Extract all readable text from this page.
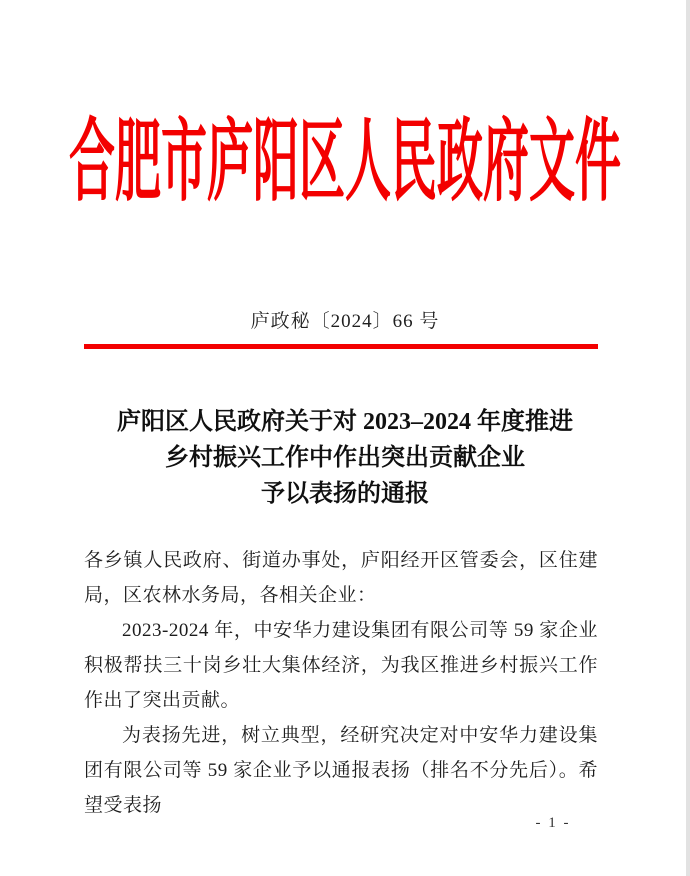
合肥市庐阳区人民政府文件
庐政秘〔2024〕66 号
庐阳区人民政府关于对 2023–2024 年度推进
乡村振兴工作中作出突出贡献企业
予以表扬的通报

各乡镇人民政府、街道办事处，庐阳经开区管委会，区住建局，区农林水务局，各相关企业：

2023-2024 年，中安华力建设集团有限公司等 59 家企业积极帮扶三十岗乡壮大集体经济，为我区推进乡村振兴工作作出了突出贡献。

为表扬先进，树立典型，经研究决定对中安华力建设集团有限公司等 59 家企业予以通报表扬（排名不分先后）。希望受表扬

- 1 -
